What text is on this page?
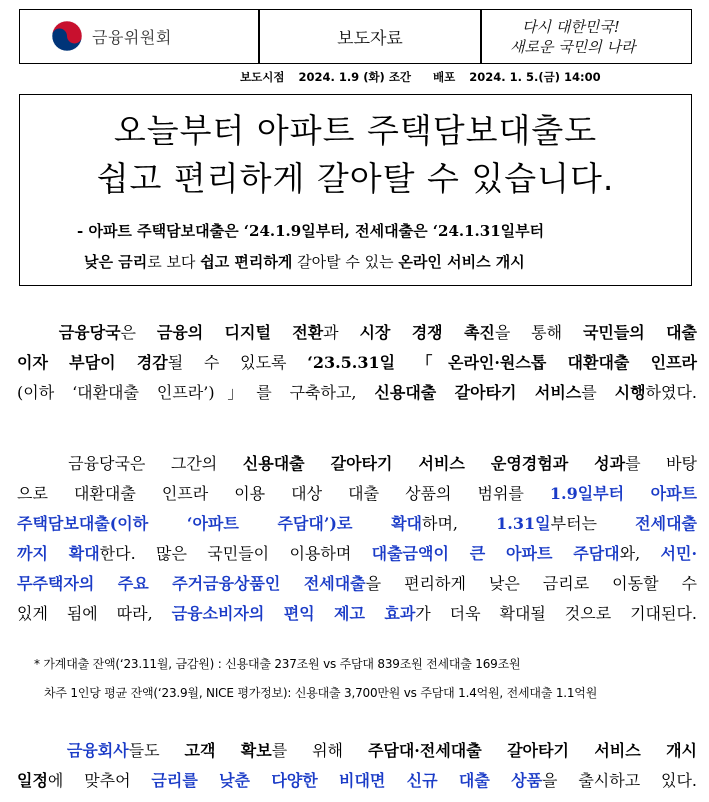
금융위원회	보도자료
다시 대한민국!
새로운 국민의 나라
보도시점 2024. 1.9 (화) 조간 배포 2024. 1. 5.(금) 14:00
오늘부터 아파트 주택담보대출도
쉽고 편리하게 갈아탈 수 있습니다.
- 아파트 주택담보대출은 ‘24.1.9일부터, 전세대출은 ‘24.1.31일부터
낮은 금리로 보다 쉽고 편리하게 갈아탈 수 있는 온라인 서비스 개시
금융당국은 금융의 디지털 전환과 시장 경쟁 촉진을 통해 국민들의 대출
이자 부담이 경감될 수 있도록 ‘23.5.31일 「온라인·원스톱 대환대출 인프라
(이하 ‘대환대출 인프라’)」를 구축하고, 신용대출 갈아타기 서비스를 시행하였다.
금융당국은 그간의 신용대출 갈아타기 서비스 운영경험과 성과를 바탕
으로 대환대출 인프라 이용 대상 대출 상품의 범위를 1.9일부터 아파트
주택담보대출(이하 ‘아파트 주담대’)로 확대하며, 1.31일부터는 전세대출
까지 확대한다. 많은 국민들이 이용하며 대출금액이 큰 아파트 주담대와, 서민·
무주택자의 주요 주거금융상품인 전세대출을 편리하게 낮은 금리로 이동할 수
있게 됨에 따라, 금융소비자의 편익 제고 효과가 더욱 확대될 것으로 기대된다.
* 가계대출 잔액(‘23.11월, 금감원) : 신용대출 237조원 vs 주담대 839조원 전세대출 169조원
차주 1인당 평균 잔액(‘23.9월, NICE 평가정보): 신용대출 3,700만원 vs 주담대 1.4억원, 전세대출 1.1억원
금융회사들도 고객 확보를 위해 주담대·전세대출 갈아타기 서비스 개시
일정에 맞추어 금리를 낮춘 다양한 비대면 신규 대출 상품을 출시하고 있다.
